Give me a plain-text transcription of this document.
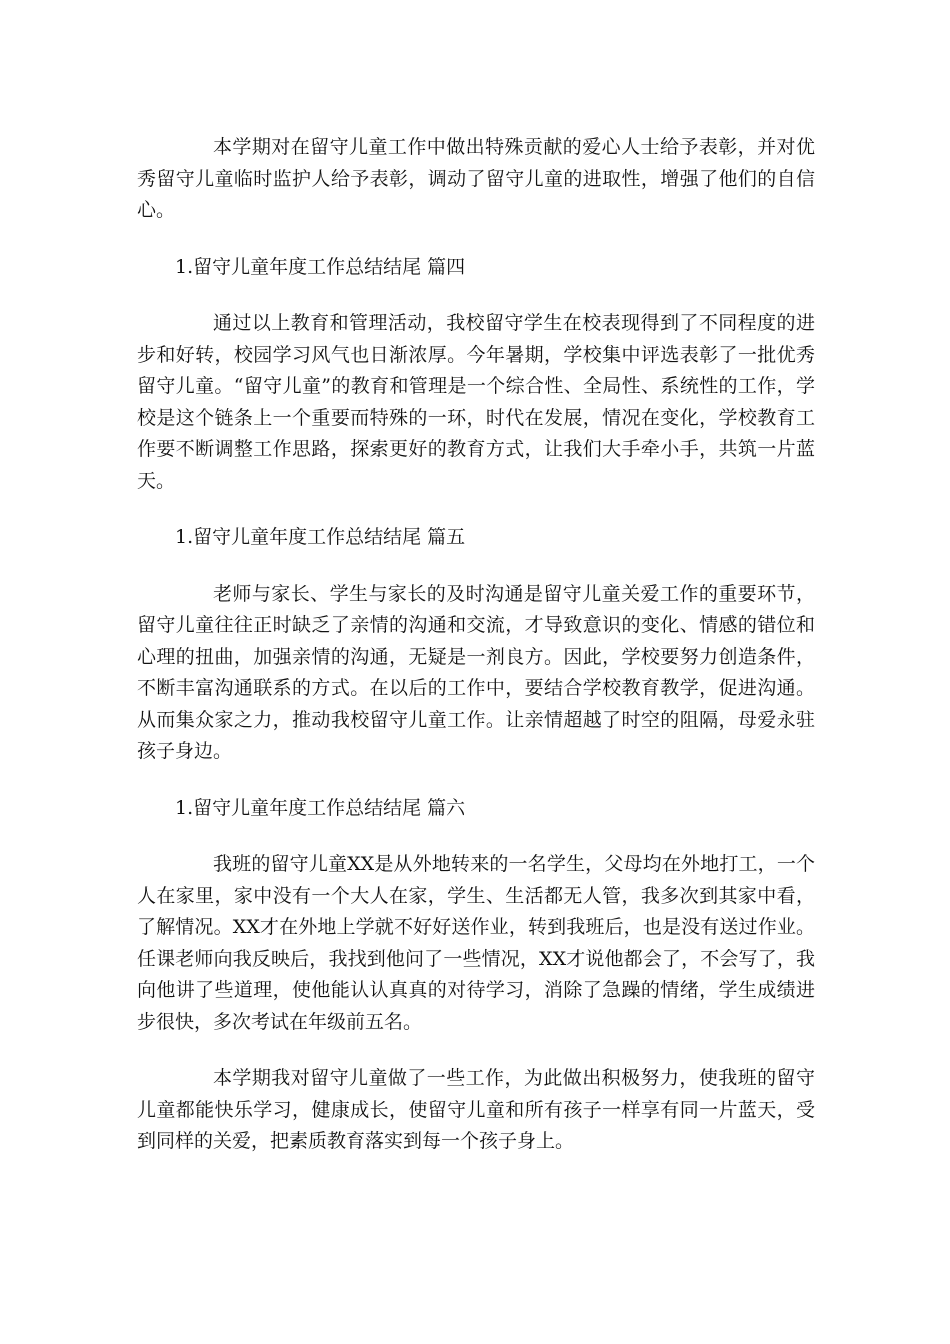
本学期对在留守儿童工作中做出特殊贡献的爱心人士给予表彰，并对优秀留守儿童临时监护人给予表彰，调动了留守儿童的进取性，增强了他们的自信心。

1.留守儿童年度工作总结结尾 篇四

通过以上教育和管理活动，我校留守学生在校表现得到了不同程度的进步和好转，校园学习风气也日渐浓厚。今年暑期，学校集中评选表彰了一批优秀留守儿童。“留守儿童”的教育和管理是一个综合性、全局性、系统性的工作，学校是这个链条上一个重要而特殊的一环，时代在发展，情况在变化，学校教育工作要不断调整工作思路，探索更好的教育方式，让我们大手牵小手，共筑一片蓝天。

1.留守儿童年度工作总结结尾 篇五

老师与家长、学生与家长的及时沟通是留守儿童关爱工作的重要环节，留守儿童往往正时缺乏了亲情的沟通和交流，才导致意识的变化、情感的错位和心理的扭曲，加强亲情的沟通，无疑是一剂良方。因此，学校要努力创造条件，不断丰富沟通联系的方式。在以后的工作中，要结合学校教育教学，促进沟通。从而集众家之力，推动我校留守儿童工作。让亲情超越了时空的阻隔，母爱永驻孩子身边。

1.留守儿童年度工作总结结尾 篇六

我班的留守儿童XX是从外地转来的一名学生，父母均在外地打工，一个人在家里，家中没有一个大人在家，学生、生活都无人管，我多次到其家中看，了解情况。XX才在外地上学就不好好送作业，转到我班后，也是没有送过作业。任课老师向我反映后，我找到他问了一些情况，XX才说他都会了，不会写了，我向他讲了些道理，使他能认认真真的对待学习，消除了急躁的情绪，学生成绩进步很快，多次考试在年级前五名。

本学期我对留守儿童做了一些工作，为此做出积极努力，使我班的留守儿童都能快乐学习，健康成长，使留守儿童和所有孩子一样享有同一片蓝天，受到同样的关爱，把素质教育落实到每一个孩子身上。
